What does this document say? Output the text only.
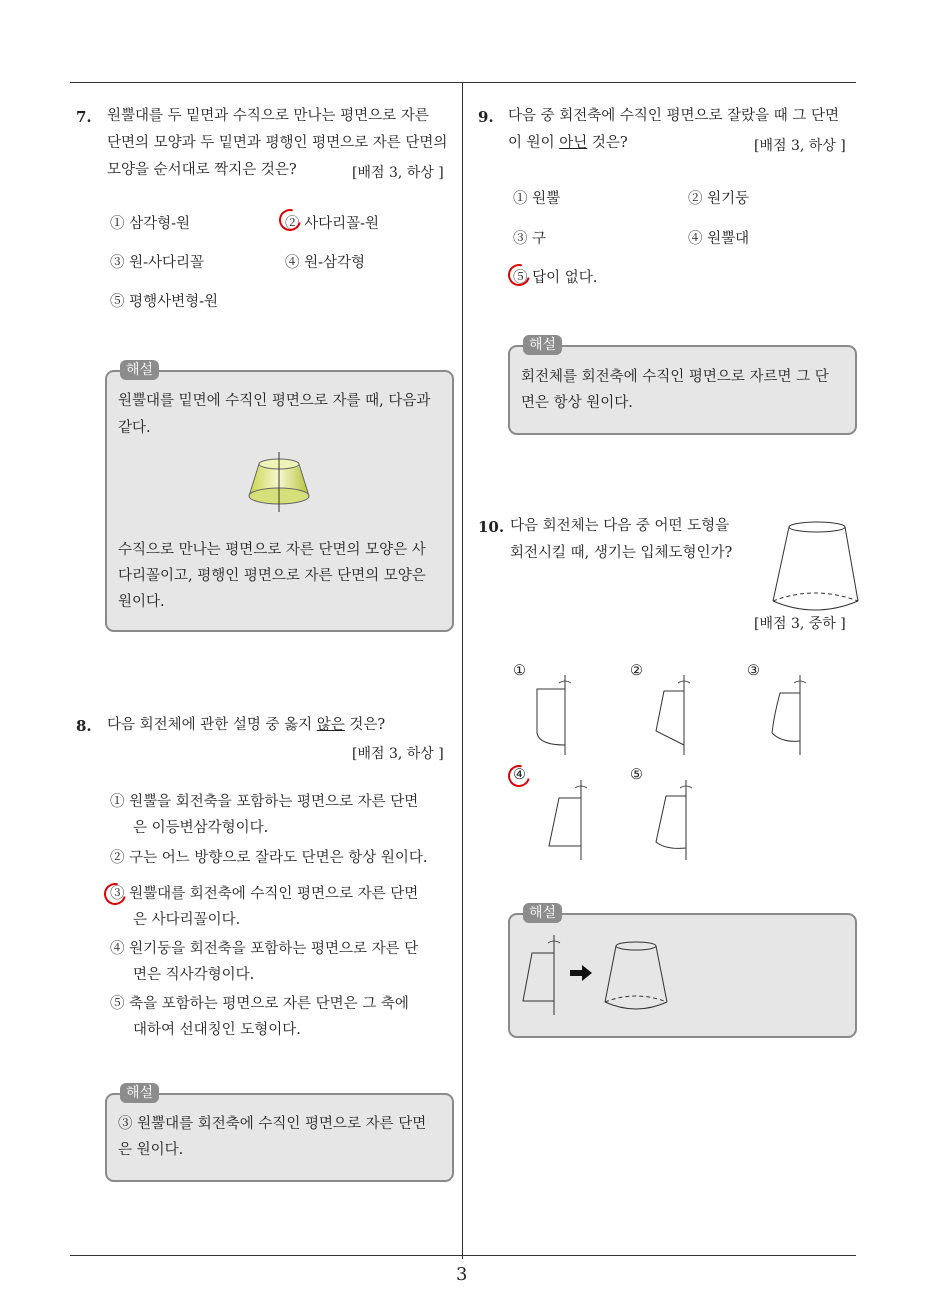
3
7. 원뿔대를 두 밑면과 수직으로 만나는 평면으로 자른
단면의 모양과 두 밑면과 평행인 평면으로 자른 단면의
모양을 순서대로 짝지은 것은?	[배점 3, 하상 ]
① 삼각형-원	② 사다리꼴-원
③ 원-사다리꼴	④ 원-삼각형
⑤ 평행사변형-원
해설
원뿔대를 밑면에 수직인 평면으로 자를 때, 다음과
같다.
수직으로 만나는 평면으로 자른 단면의 모양은 사
다리꼴이고, 평행인 평면으로 자른 단면의 모양은
원이다.
8. 다음 회전체에 관한 설명 중 옳지 않은 것은?
[배점 3, 하상 ]
① 원뿔을 회전축을 포함하는 평면으로 자른 단면
은 이등변삼각형이다.
② 구는 어느 방향으로 잘라도 단면은 항상 원이다.
③ 원뿔대를 회전축에 수직인 평면으로 자른 단면
은 사다리꼴이다.
④ 원기둥을 회전축을 포함하는 평면으로 자른 단
면은 직사각형이다.
⑤ 축을 포함하는 평면으로 자른 단면은 그 축에
대하여 선대칭인 도형이다.
해설
③ 원뿔대를 회전축에 수직인 평면으로 자른 단면
은 원이다.
9. 다음 중 회전축에 수직인 평면으로 잘랐을 때 그 단면
이 원이 아닌 것은?	[배점 3, 하상 ]
① 원뿔	② 원기둥
③ 구	④ 원뿔대
⑤ 답이 없다.
해설
회전체를 회전축에 수직인 평면으로 자르면 그 단
면은 항상 원이다.
10. 다음 회전체는 다음 중 어떤 도형을
회전시킬 때, 생기는 입체도형인가?
[배점 3, 중하 ]
①	②	③
④	⑤
해설
